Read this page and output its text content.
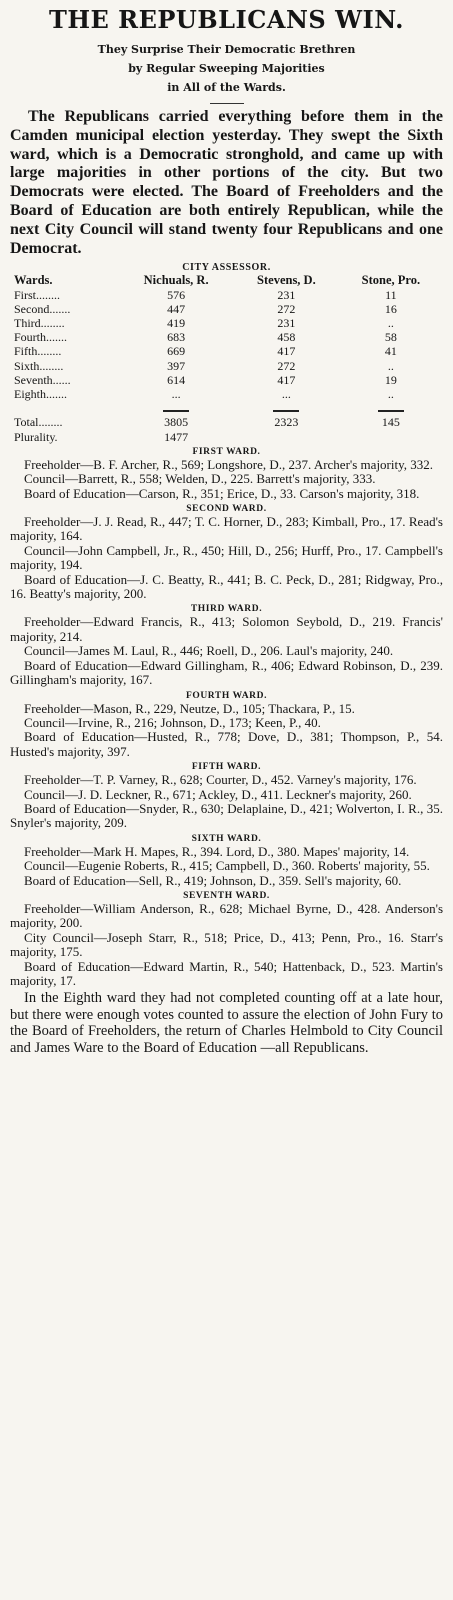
THE REPUBLICANS WIN.

They Surprise Their Democratic Brethren

by Regular Sweeping Majorities

in All of the Wards.

The Republicans carried everything before them in the Camden municipal election yesterday. They swept the Sixth ward, which is a Democratic stronghold, and came up with large majorities in other portions of the city. But two Democrats were elected. The Board of Freeholders and the Board of Education are both entirely Republican, while the next City Council will stand twenty four Republicans and one Democrat.

CITY ASSESSOR.
Wards.	Nichuals, R.	Stevens, D.	Stone, Pro.
First........	576	231	11
Second.......	447	272	16
Third........	419	231	..
Fourth.......	683	458	58
Fifth........	669	417	41
Sixth........	397	272	..
Seventh......	614	417	19
Eighth.......	...	...	..

Total........	3805	2323	145
Plurality.	1477		
FIRST WARD.

Freeholder—B. F. Archer, R., 569; Longshore, D., 237. Archer's majority, 332.

Council—Barrett, R., 558; Welden, D., 225. Barrett's majority, 333.

Board of Education—Carson, R., 351; Erice, D., 33. Carson's majority, 318.

SECOND WARD.

Freeholder—J. J. Read, R., 447; T. C. Horner, D., 283; Kimball, Pro., 17. Read's majority, 164.

Council—John Campbell, Jr., R., 450; Hill, D., 256; Hurff, Pro., 17. Campbell's majority, 194.

Board of Education—J. C. Beatty, R., 441; B. C. Peck, D., 281; Ridgway, Pro., 16. Beatty's majority, 200.

THIRD WARD.

Freeholder—Edward Francis, R., 413; Solomon Seybold, D., 219. Francis' majority, 214.

Council—James M. Laul, R., 446; Roell, D., 206. Laul's majority, 240.

Board of Education—Edward Gillingham, R., 406; Edward Robinson, D., 239. Gillingham's majority, 167.

FOURTH WARD.

Freeholder—Mason, R., 229, Neutze, D., 105; Thackara, P., 15.

Council—Irvine, R., 216; Johnson, D., 173; Keen, P., 40.

Board of Education—Husted, R., 778; Dove, D., 381; Thompson, P., 54. Husted's majority, 397.

FIFTH WARD.

Freeholder—T. P. Varney, R., 628; Courter, D., 452. Varney's majority, 176.

Council—J. D. Leckner, R., 671; Ackley, D., 411. Leckner's majority, 260.

Board of Education—Snyder, R., 630; Delaplaine, D., 421; Wolverton, I. R., 35. Snyler's majority, 209.

SIXTH WARD.

Freeholder—Mark H. Mapes, R., 394. Lord, D., 380. Mapes' majority, 14.

Council—Eugenie Roberts, R., 415; Campbell, D., 360. Roberts' majority, 55.

Board of Education—Sell, R., 419; Johnson, D., 359. Sell's majority, 60.

SEVENTH WARD.

Freeholder—William Anderson, R., 628; Michael Byrne, D., 428. Anderson's majority, 200.

City Council—Joseph Starr, R., 518; Price, D., 413; Penn, Pro., 16. Starr's majority, 175.

Board of Education—Edward Martin, R., 540; Hattenback, D., 523. Martin's majority, 17.

In the Eighth ward they had not completed counting off at a late hour, but there were enough votes counted to assure the election of John Fury to the Board of Freeholders, the return of Charles Helmbold to City Council and James Ware to the Board of Education —all Republicans.
